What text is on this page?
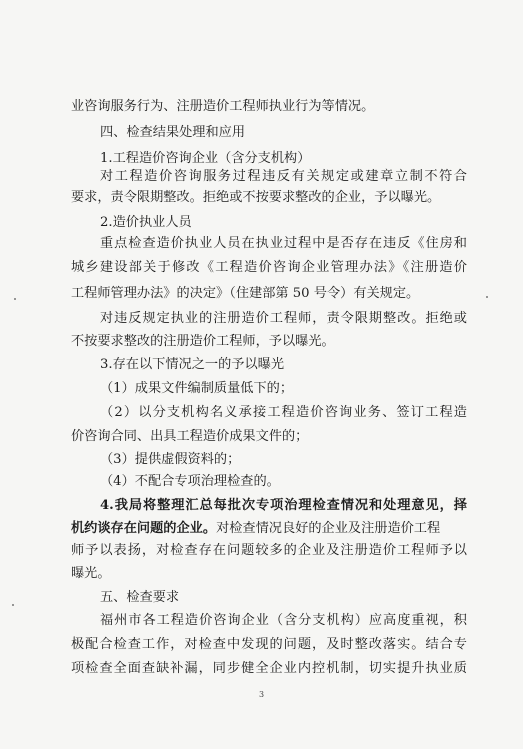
业咨询服务行为、注册造价工程师执业行为等情况。
四、检查结果处理和应用
1.工程造价咨询企业（含分支机构）
对工程造价咨询服务过程违反有关规定或建章立制不符合
要求，责令限期整改。拒绝或不按要求整改的企业，予以曝光。
2.造价执业人员
重点检查造价执业人员在执业过程中是否存在违反《住房和
城乡建设部关于修改《工程造价咨询企业管理办法》《注册造价
工程师管理办法》的决定》（住建部第 50 号令）有关规定。
对违反规定执业的注册造价工程师，责令限期整改。拒绝或
不按要求整改的注册造价工程师，予以曝光。
3.存在以下情况之一的予以曝光
（1）成果文件编制质量低下的；
（2）以分支机构名义承接工程造价咨询业务、签订工程造
价咨询合同、出具工程造价成果文件的；
（3）提供虚假资料的；
（4）不配合专项治理检查的。
4.我局将整理汇总每批次专项治理检查情况和处理意见，择
机约谈存在问题的企业。对检查情况良好的企业及注册造价工程
师予以表扬，对检查存在问题较多的企业及注册造价工程师予以
曝光。
五、检查要求
福州市各工程造价咨询企业（含分支机构）应高度重视，积
极配合检查工作，对检查中发现的问题，及时整改落实。结合专
项检查全面查缺补漏，同步健全企业内控机制，切实提升执业质
3
